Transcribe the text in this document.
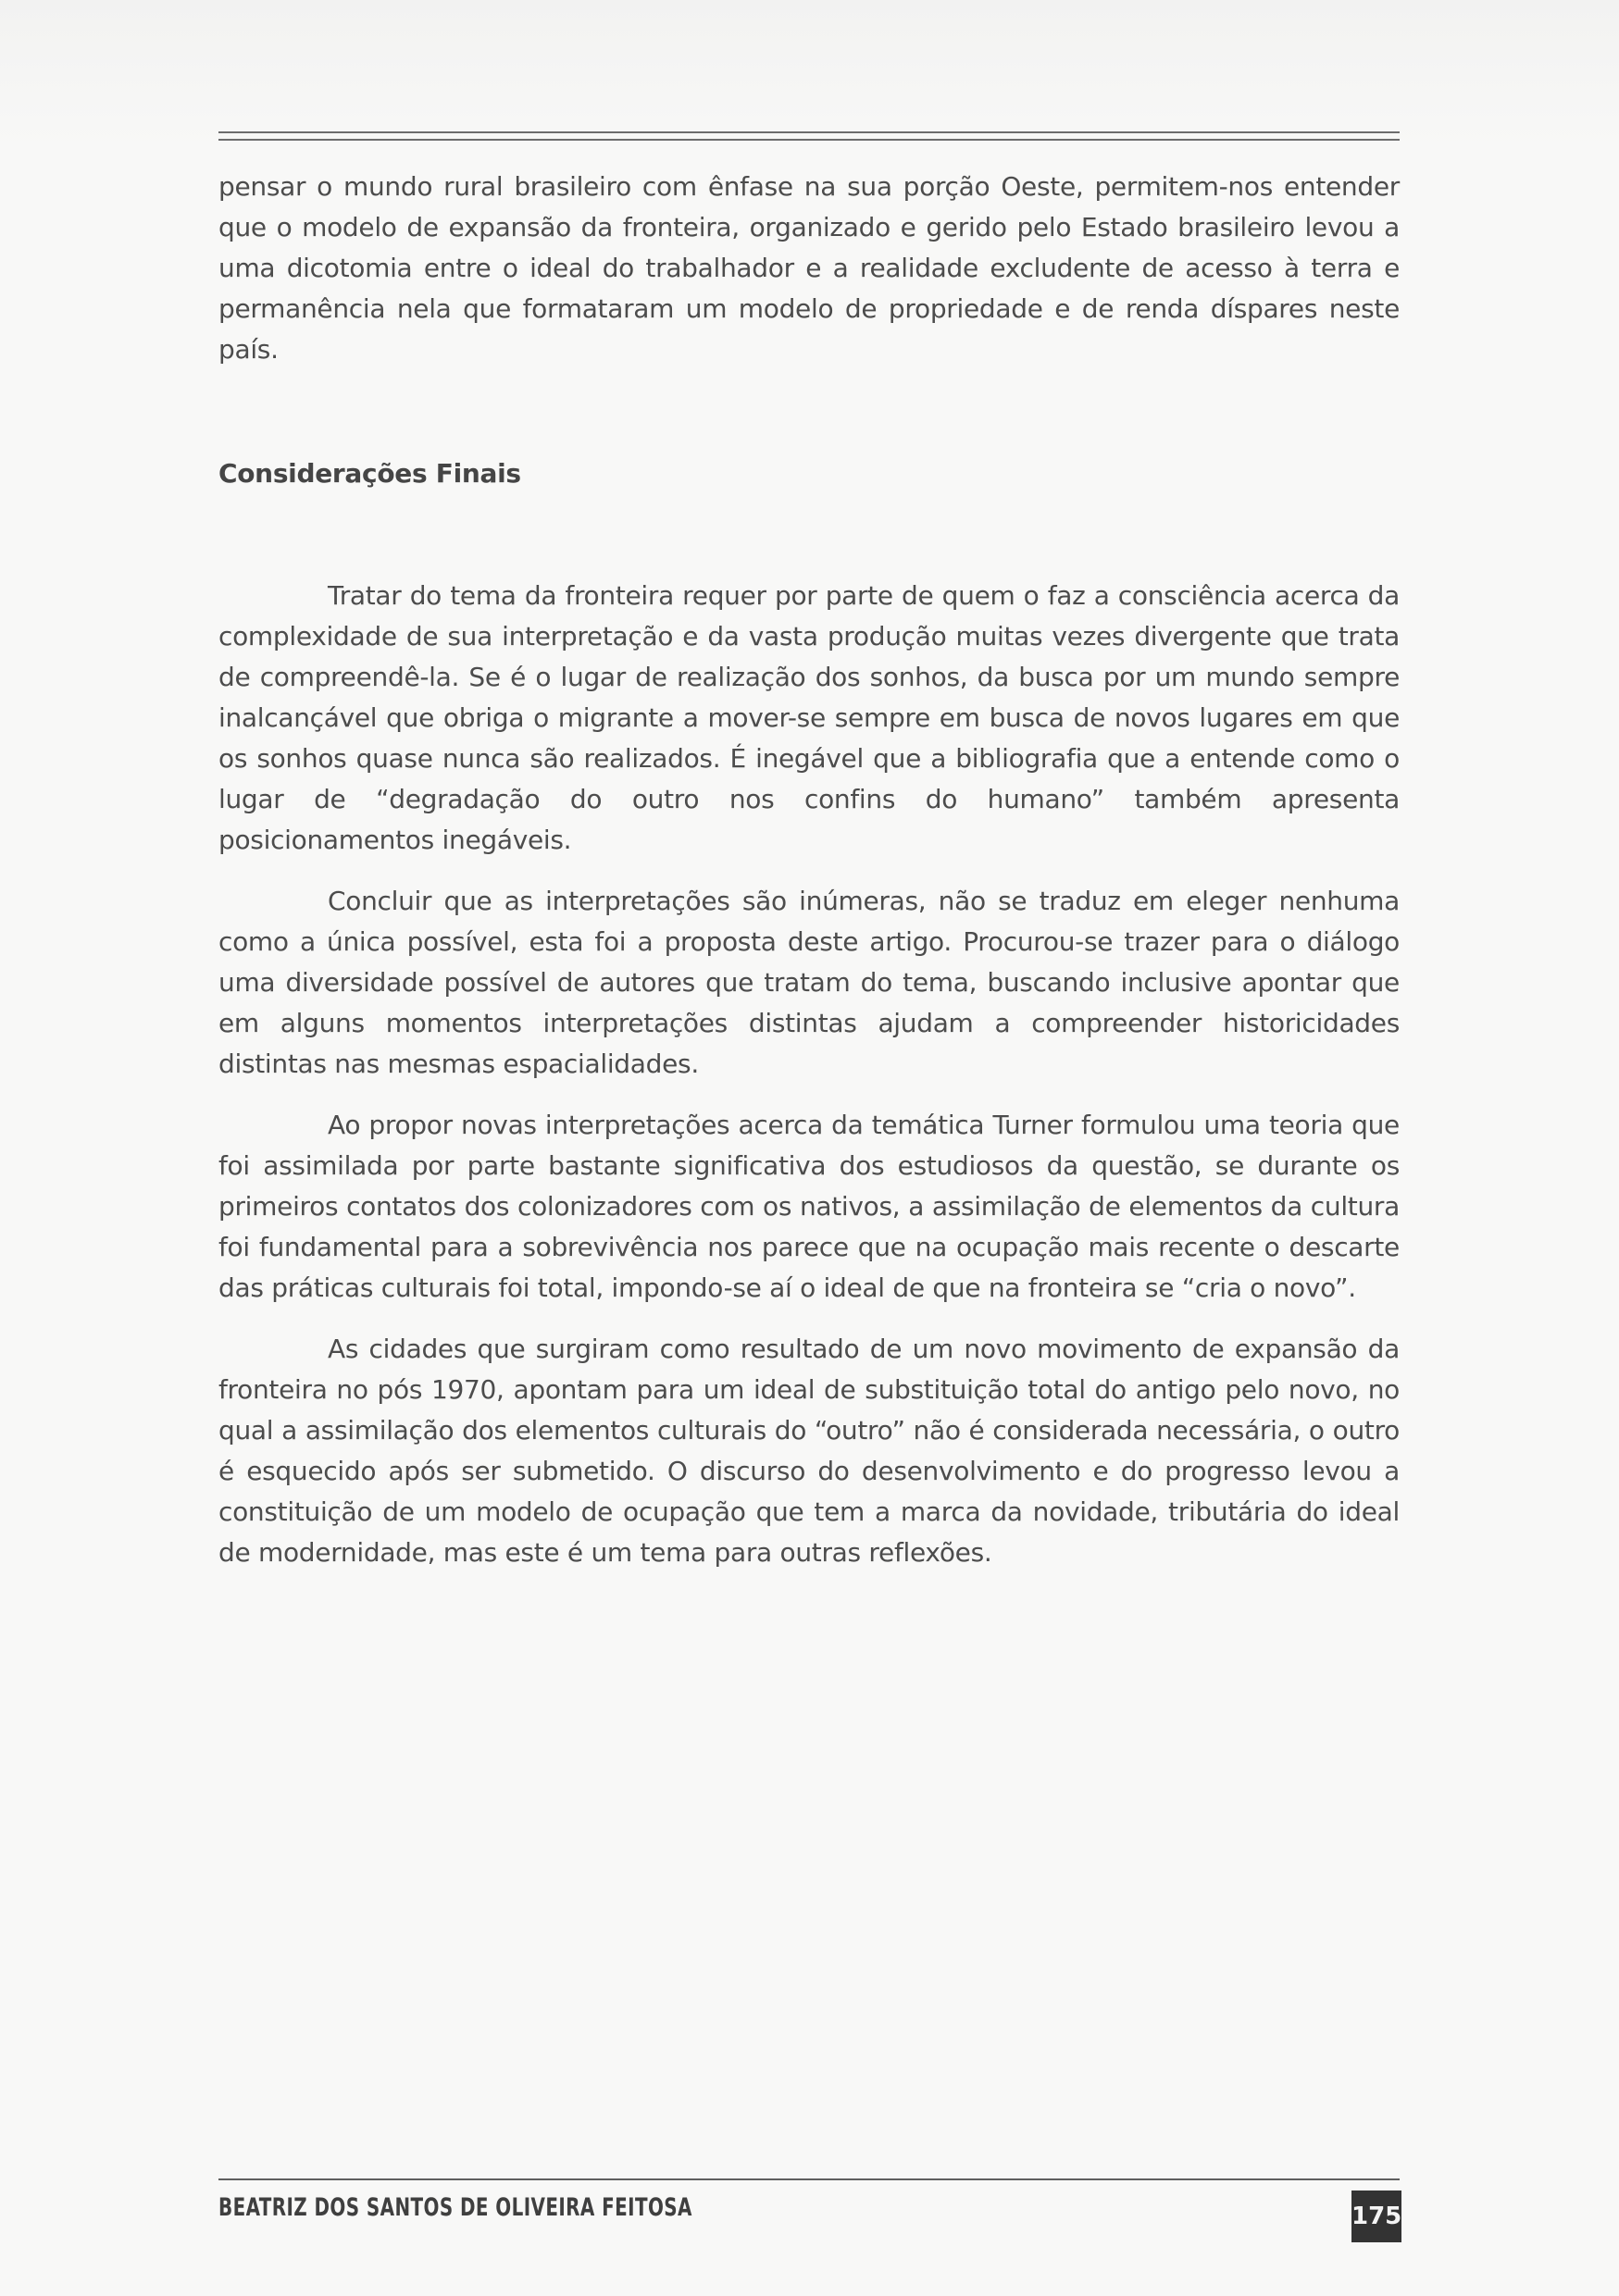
pensar o mundo rural brasileiro com ênfase na sua porção Oeste, permitem-nos entender que o modelo de expansão da fronteira, organizado e gerido pelo Estado brasileiro levou a uma dicotomia entre o ideal do trabalhador e a realidade excludente de acesso à terra e permanência nela que formataram um modelo de propriedade e de renda díspares neste país.

Considerações Finais

Tratar do tema da fronteira requer por parte de quem o faz a consciência acerca da complexidade de sua interpretação e da vasta produção muitas vezes divergente que trata de compreendê-la. Se é o lugar de realização dos sonhos, da busca por um mundo sempre inalcançável que obriga o migrante a mover-se sempre em busca de novos lugares em que os sonhos quase nunca são realizados. É inegável que a bibliografia que a entende como o lugar de “degradação do outro nos confins do humano” também apresenta posicionamentos inegáveis.

Concluir que as interpretações são inúmeras, não se traduz em eleger nenhuma como a única possível, esta foi a proposta deste artigo. Procurou-se trazer para o diálogo uma diversidade possível de autores que tratam do tema, buscando inclusive apontar que em alguns momentos interpretações distintas ajudam a compreender historicidades distintas nas mesmas espacialidades.

Ao propor novas interpretações acerca da temática Turner formulou uma teoria que foi assimilada por parte bastante significativa dos estudiosos da questão, se durante os primeiros contatos dos colonizadores com os nativos, a assimilação de elementos da cultura foi fundamental para a sobrevivência nos parece que na ocupação mais recente o descarte das práticas culturais foi total, impondo-se aí o ideal de que na fronteira se “cria o novo”.

As cidades que surgiram como resultado de um novo movimento de expansão da fronteira no pós 1970, apontam para um ideal de substituição total do antigo pelo novo, no qual a assimilação dos elementos culturais do “outro” não é considerada necessária, o outro é esquecido após ser submetido. O discurso do desenvolvimento e do progresso levou a constituição de um modelo de ocupação que tem a marca da novidade, tributária do ideal de modernidade, mas este é um tema para outras reflexões.

BEATRIZ DOS SANTOS DE OLIVEIRA FEITOSA	175
